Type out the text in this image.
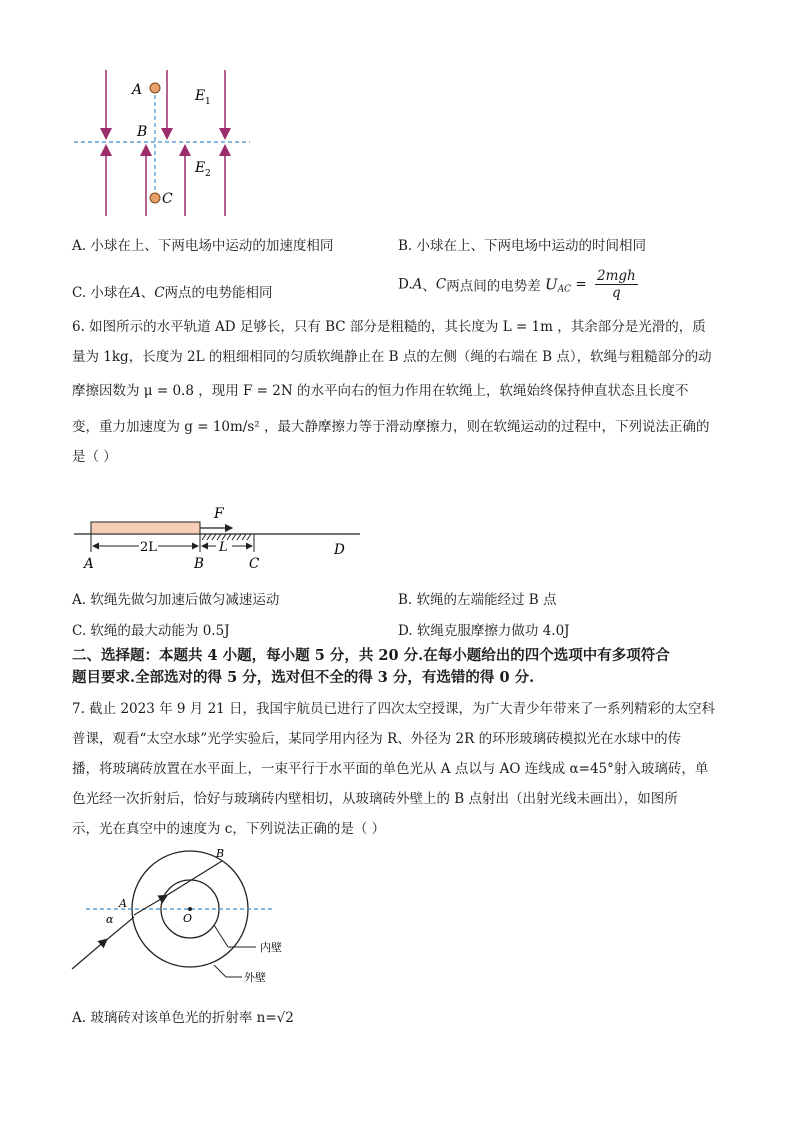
A
B
C
E 1
E 2
A. 小球在上、下两电场中运动的加速度相同	B. 小球在上、下两电场中运动的时间相同
C. 小球在A、C两点的电势能相同
D.A、C两点间的电势差 $U_{AC} = \frac{\text{2mgh}}{q}$
6. 如图所示的水平轨道 AD 足够长，只有 BC 部分是粗糙的，其长度为 L = 1m ，其余部分是光滑的，质
量为 1kg，长度为 2L 的粗细相同的匀质软绳静止在 B 点的左侧（绳的右端在 B 点），软绳与粗糙部分的动
摩擦因数为 μ = 0.8 ，现用 F = 2N 的水平向右的恒力作用在软绳上，软绳始终保持伸直状态且长度不
变，重力加速度为 g = 10m/s² ，最大静摩擦力等于滑动摩擦力，则在软绳运动的过程中，下列说法正确的
是（ ）
F
2L	L
A	B	C
D
A. 软绳先做匀加速后做匀减速运动	B. 软绳的左端能经过 B 点
C. 软绳的最大动能为 0.5J	D. 软绳克服摩擦力做功 4.0J
二、选择题：本题共 4 小题，每小题 5 分，共 20 分.在每小题给出的四个选项中有多项符合
题目要求.全部选对的得 5 分，选对但不全的得 3 分，有选错的得 0 分.
7. 截止 2023 年 9 月 21 日，我国宇航员已进行了四次太空授课，为广大青少年带来了一系列精彩的太空科
普课，观看“太空水球”光学实验后，某同学用内径为 R、外径为 2R 的环形玻璃砖模拟光在水球中的传
播，将玻璃砖放置在水平面上，一束平行于水平面的单色光从 A 点以与 AO 连线成 α=45°射入玻璃砖，单
色光经一次折射后，恰好与玻璃砖内壁相切，从玻璃砖外壁上的 B 点射出（出射光线未画出），如图所
示，光在真空中的速度为 c，下列说法正确的是（ ）
A
B
O
α
内壁
外壁
A. 玻璃砖对该单色光的折射率 n=√2
